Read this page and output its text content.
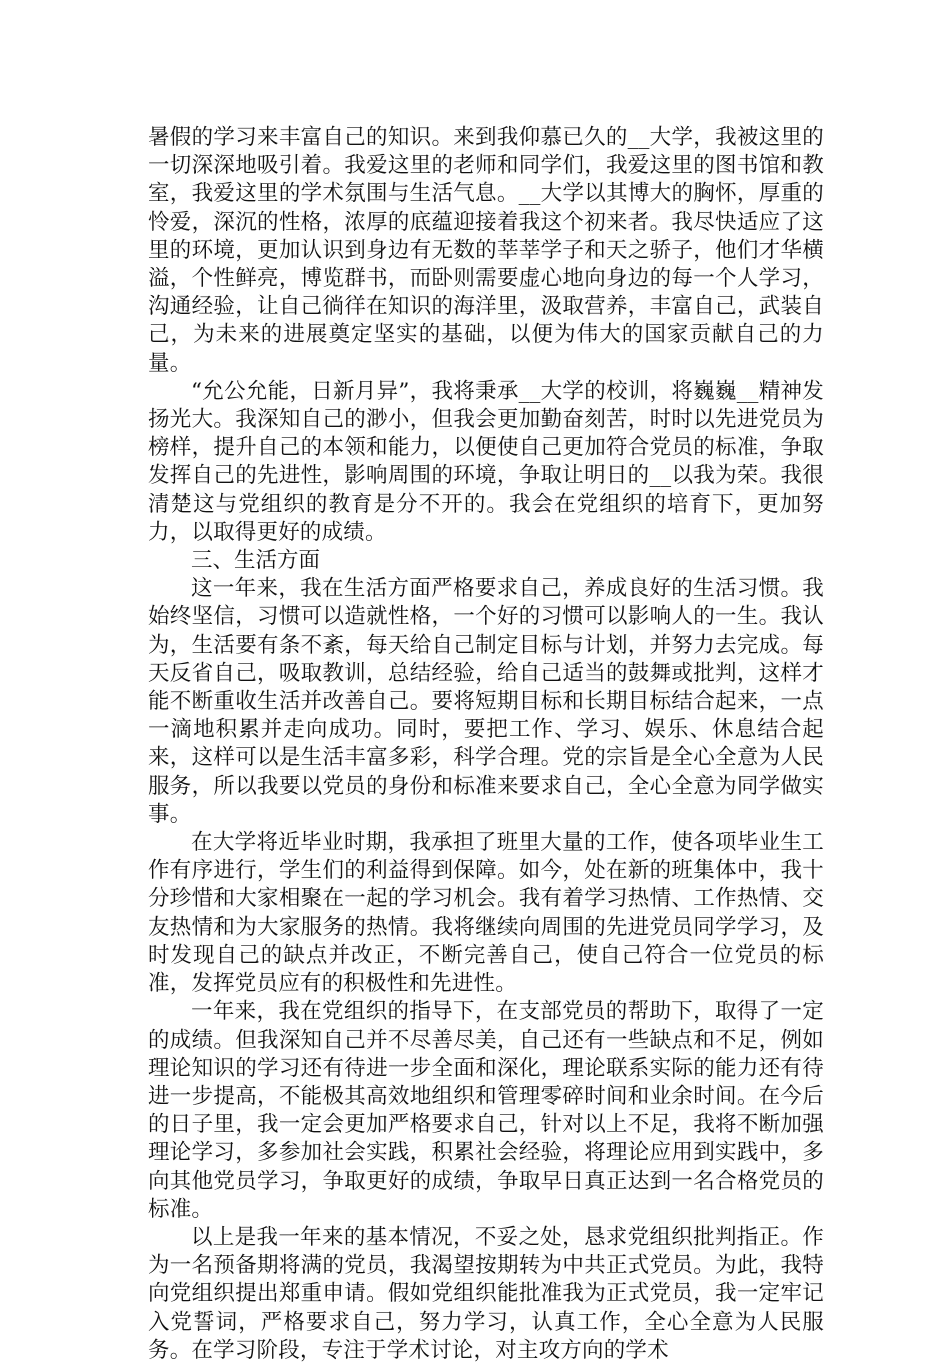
暑假的学习来丰富自己的知识。来到我仰慕已久的__大学，我被这里的一切深深地吸引着。我爱这里的老师和同学们，我爱这里的图书馆和教室，我爱这里的学术氛围与生活气息。__大学以其博大的胸怀，厚重的怜爱，深沉的性格，浓厚的底蕴迎接着我这个初来者。我尽快适应了这里的环境，更加认识到身边有无数的莘莘学子和天之骄子，他们才华横溢，个性鲜亮，博览群书，而卧则需要虚心地向身边的每一个人学习，沟通经验，让自己徜徉在知识的海洋里，汲取营养，丰富自己，武装自己，为未来的进展奠定坚实的基础，以便为伟大的国家贡献自己的力量。

“允公允能，日新月异”，我将秉承__大学的校训，将巍巍__精神发扬光大。我深知自己的渺小，但我会更加勤奋刻苦，时时以先进党员为榜样，提升自己的本领和能力，以便使自己更加符合党员的标准，争取发挥自己的先进性，影响周围的环境，争取让明日的__以我为荣。我很清楚这与党组织的教育是分不开的。我会在党组织的培育下，更加努力，以取得更好的成绩。

三、生活方面

这一年来，我在生活方面严格要求自己，养成良好的生活习惯。我始终坚信，习惯可以造就性格，一个好的习惯可以影响人的一生。我认为，生活要有条不紊，每天给自己制定目标与计划，并努力去完成。每天反省自己，吸取教训，总结经验，给自己适当的鼓舞或批判，这样才能不断重收生活并改善自己。要将短期目标和长期目标结合起来，一点一滴地积累并走向成功。同时，要把工作、学习、娱乐、休息结合起来，这样可以是生活丰富多彩，科学合理。党的宗旨是全心全意为人民服务，所以我要以党员的身份和标准来要求自己，全心全意为同学做实事。

在大学将近毕业时期，我承担了班里大量的工作，使各项毕业生工作有序进行，学生们的利益得到保障。如今，处在新的班集体中，我十分珍惜和大家相聚在一起的学习机会。我有着学习热情、工作热情、交友热情和为大家服务的热情。我将继续向周围的先进党员同学学习，及时发现自己的缺点并改正，不断完善自己，使自己符合一位党员的标准，发挥党员应有的积极性和先进性。

一年来，我在党组织的指导下，在支部党员的帮助下，取得了一定的成绩。但我深知自己并不尽善尽美，自己还有一些缺点和不足，例如理论知识的学习还有待进一步全面和深化，理论联系实际的能力还有待进一步提高，不能极其高效地组织和管理零碎时间和业余时间。在今后的日子里，我一定会更加严格要求自己，针对以上不足，我将不断加强理论学习，多参加社会实践，积累社会经验，将理论应用到实践中，多向其他党员学习，争取更好的成绩，争取早日真正达到一名合格党员的标准。

以上是我一年来的基本情况，不妥之处，恳求党组织批判指正。作为一名预备期将满的党员，我渴望按期转为中共正式党员。为此，我特向党组织提出郑重申请。假如党组织能批准我为正式党员，我一定牢记入党誓词，严格要求自己，努力学习，认真工作，全心全意为人民服务。在学习阶段，专注于学术讨论，对主攻方向的学术
